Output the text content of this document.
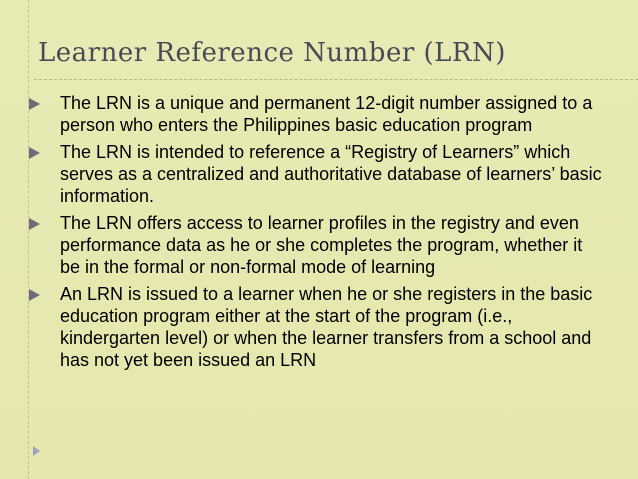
Learner Reference Number (LRN)
The LRN is a unique and permanent 12-digit number assigned to a person who enters the Philippines basic education program
The LRN is intended to reference a “Registry of Learners” which serves as a centralized and authoritative database of learners’ basic information.
The LRN offers access to learner profiles in the registry and even performance data as he or she completes the program, whether it be in the formal or non-formal mode of learning
An LRN is issued to a learner when he or she registers in the basic education program either at the start of the program (i.e., kindergarten level) or when the learner transfers from a school and has not yet been issued an LRN
